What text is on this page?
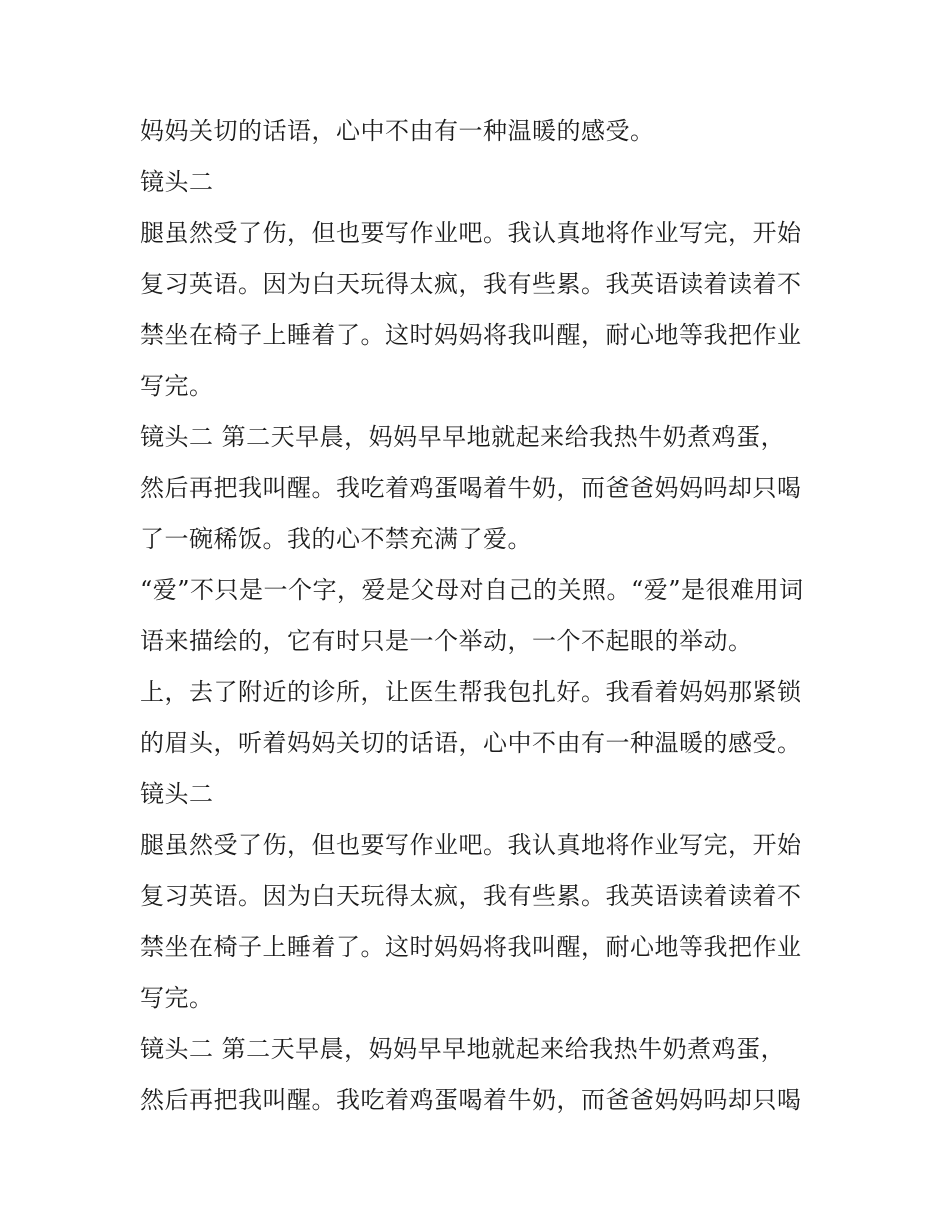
妈妈关切的话语，心中不由有一种温暖的感受。
镜头二
腿虽然受了伤，但也要写作业吧。我认真地将作业写完，开始
复习英语。因为白天玩得太疯，我有些累。我英语读着读着不
禁坐在椅子上睡着了。这时妈妈将我叫醒，耐心地等我把作业
写完。
镜头二 第二天早晨，妈妈早早地就起来给我热牛奶煮鸡蛋，
然后再把我叫醒。我吃着鸡蛋喝着牛奶，而爸爸妈妈吗却只喝
了一碗稀饭。我的心不禁充满了爱。
“爱”不只是一个字，爱是父母对自己的关照。“爱”是很难用词
语来描绘的，它有时只是一个举动，一个不起眼的举动。
上，去了附近的诊所，让医生帮我包扎好。我看着妈妈那紧锁
的眉头，听着妈妈关切的话语，心中不由有一种温暖的感受。
镜头二
腿虽然受了伤，但也要写作业吧。我认真地将作业写完，开始
复习英语。因为白天玩得太疯，我有些累。我英语读着读着不
禁坐在椅子上睡着了。这时妈妈将我叫醒，耐心地等我把作业
写完。
镜头二 第二天早晨，妈妈早早地就起来给我热牛奶煮鸡蛋，
然后再把我叫醒。我吃着鸡蛋喝着牛奶，而爸爸妈妈吗却只喝
